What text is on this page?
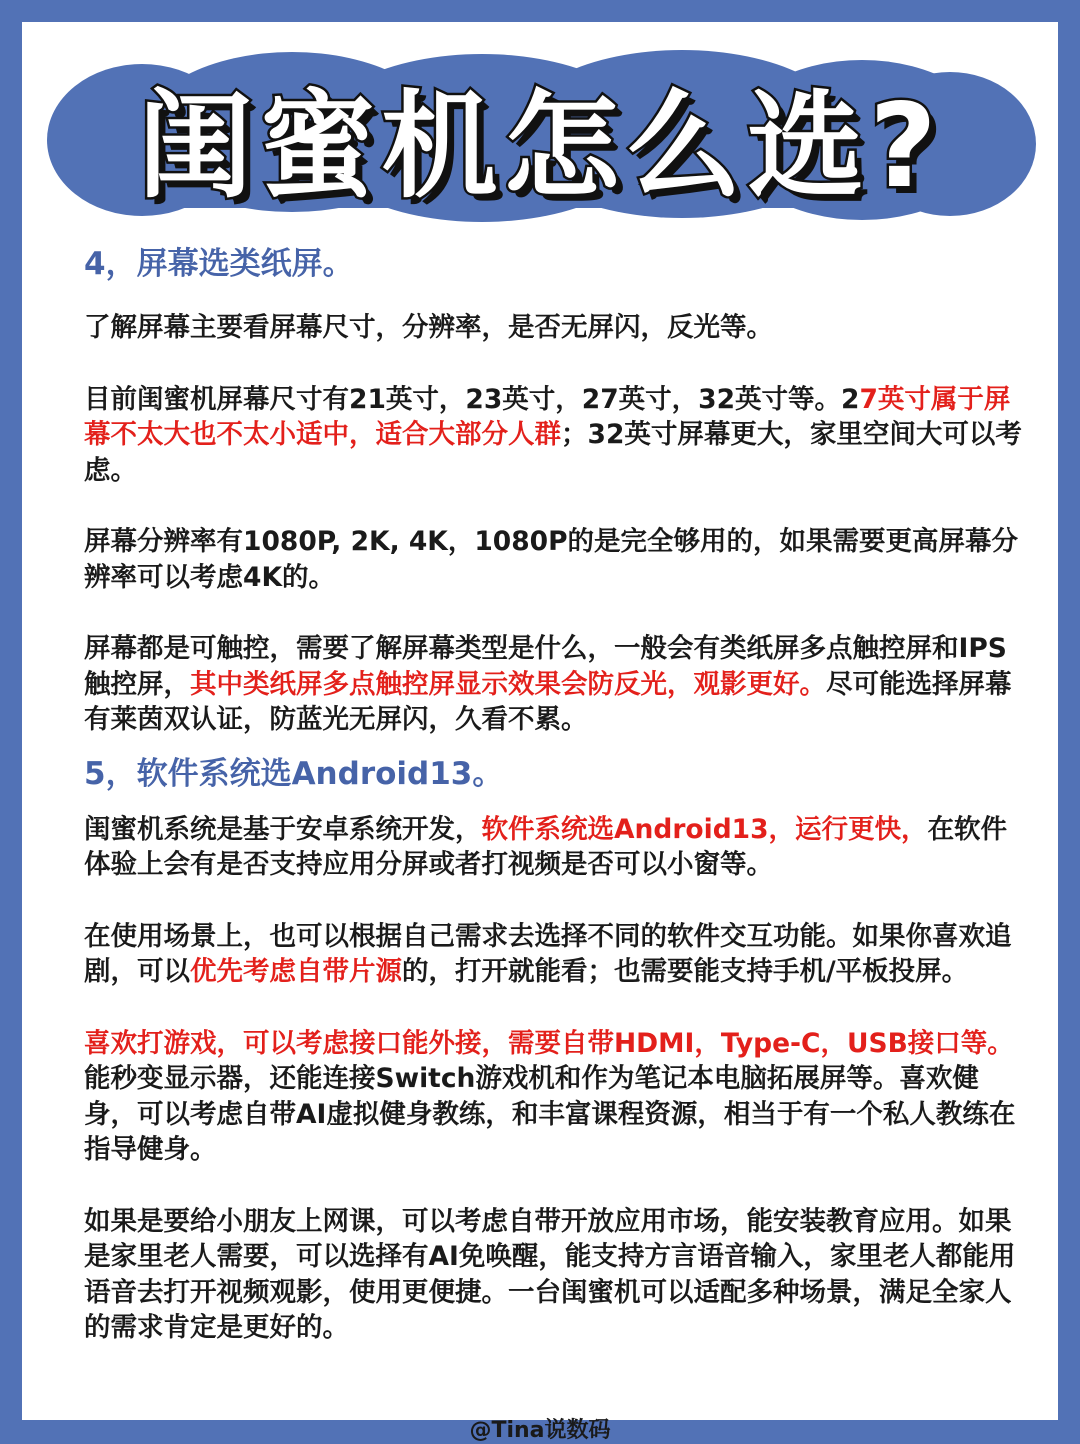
闺蜜机怎么选?
4，屏幕选类纸屏。

了解屏幕主要看屏幕尺寸，分辨率，是否无屏闪，反光等。

目前闺蜜机屏幕尺寸有21英寸，23英寸，27英寸，32英寸等。27英寸属于屏幕不太大也不太小适中，适合大部分人群；32英寸屏幕更大，家里空间大可以考虑。

屏幕分辨率有1080P, 2K, 4K，1080P的是完全够用的，如果需要更高屏幕分辨率可以考虑4K的。

屏幕都是可触控，需要了解屏幕类型是什么，一般会有类纸屏多点触控屏和IPS触控屏，其中类纸屏多点触控屏显示效果会防反光，观影更好。尽可能选择屏幕有莱茵双认证，防蓝光无屏闪，久看不累。

5，软件系统选Android13。

闺蜜机系统是基于安卓系统开发，软件系统选Android13，运行更快，在软件体验上会有是否支持应用分屏或者打视频是否可以小窗等。

在使用场景上，也可以根据自己需求去选择不同的软件交互功能。如果你喜欢追剧，可以优先考虑自带片源的，打开就能看；也需要能支持手机/平板投屏。

喜欢打游戏，可以考虑接口能外接，需要自带HDMI，Type-C，USB接口等。能秒变显示器，还能连接Switch游戏机和作为笔记本电脑拓展屏等。喜欢健身，可以考虑自带AI虚拟健身教练，和丰富课程资源，相当于有一个私人教练在指导健身。

如果是要给小朋友上网课，可以考虑自带开放应用市场，能安装教育应用。如果是家里老人需要，可以选择有AI免唤醒，能支持方言语音输入，家里老人都能用语音去打开视频观影，使用更便捷。一台闺蜜机可以适配多种场景，满足全家人的需求肯定是更好的。

@Tina说数码
